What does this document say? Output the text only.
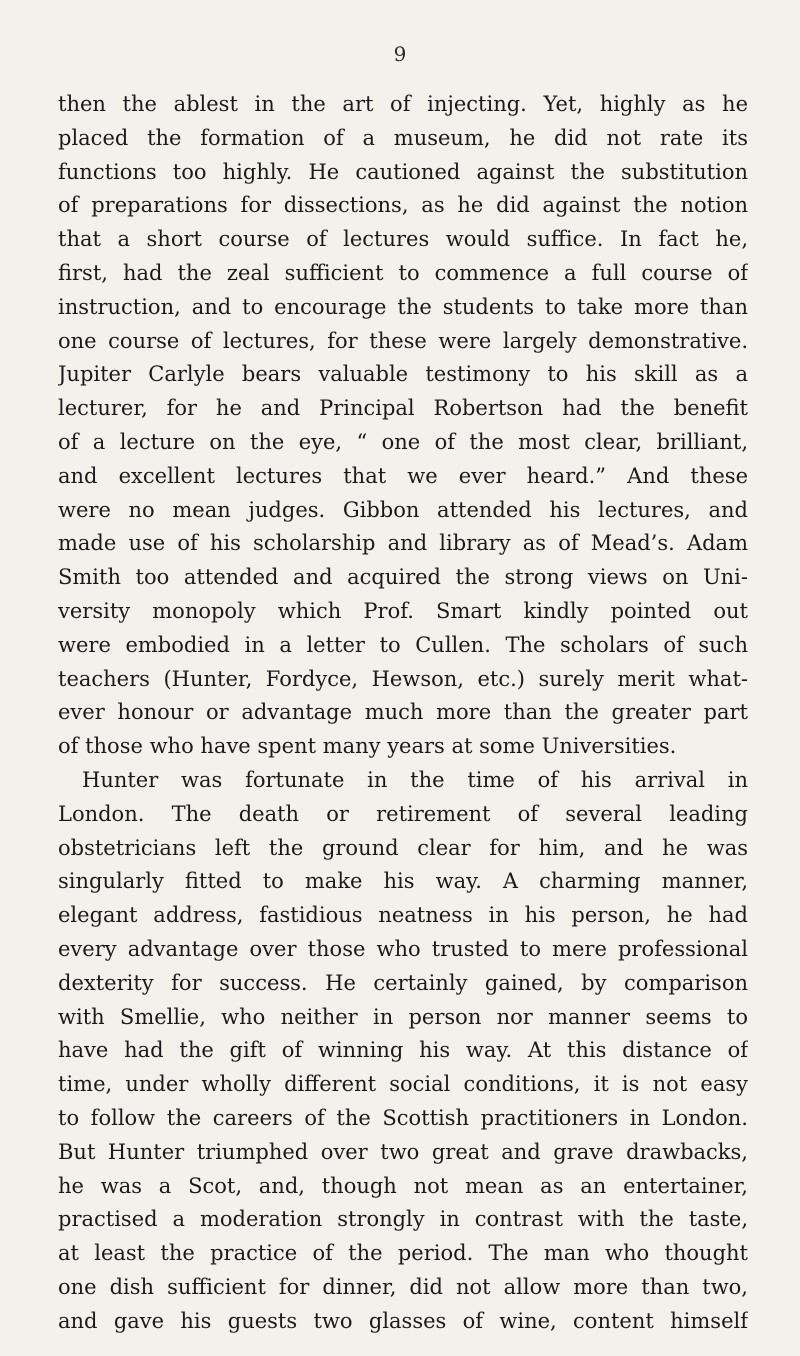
9
then the ablest in the art of injecting. Yet, highly as he
placed the formation of a museum, he did not rate its
functions too highly. He cautioned against the substitution
of preparations for dissections, as he did against the notion
that a short course of lectures would suffice. In fact he,
first, had the zeal sufficient to commence a full course of
instruction, and to encourage the students to take more than
one course of lectures, for these were largely demonstrative.
Jupiter Carlyle bears valuable testimony to his skill as a
lecturer, for he and Principal Robertson had the benefit
of a lecture on the eye, “ one of the most clear, brilliant,
and excellent lectures that we ever heard.” And these
were no mean judges. Gibbon attended his lectures, and
made use of his scholarship and library as of Mead’s. Adam
Smith too attended and acquired the strong views on Uni-
versity monopoly which Prof. Smart kindly pointed out
were embodied in a letter to Cullen. The scholars of such
teachers (Hunter, Fordyce, Hewson, etc.) surely merit what-
ever honour or advantage much more than the greater part
of those who have spent many years at some Universities.
Hunter was fortunate in the time of his arrival in
London. The death or retirement of several leading
obstetricians left the ground clear for him, and he was
singularly fitted to make his way. A charming manner,
elegant address, fastidious neatness in his person, he had
every advantage over those who trusted to mere professional
dexterity for success. He certainly gained, by comparison
with Smellie, who neither in person nor manner seems to
have had the gift of winning his way. At this distance of
time, under wholly different social conditions, it is not easy
to follow the careers of the Scottish practitioners in London.
But Hunter triumphed over two great and grave drawbacks,
he was a Scot, and, though not mean as an entertainer,
practised a moderation strongly in contrast with the taste,
at least the practice of the period. The man who thought
one dish sufficient for dinner, did not allow more than two,
and gave his guests two glasses of wine, content himself
